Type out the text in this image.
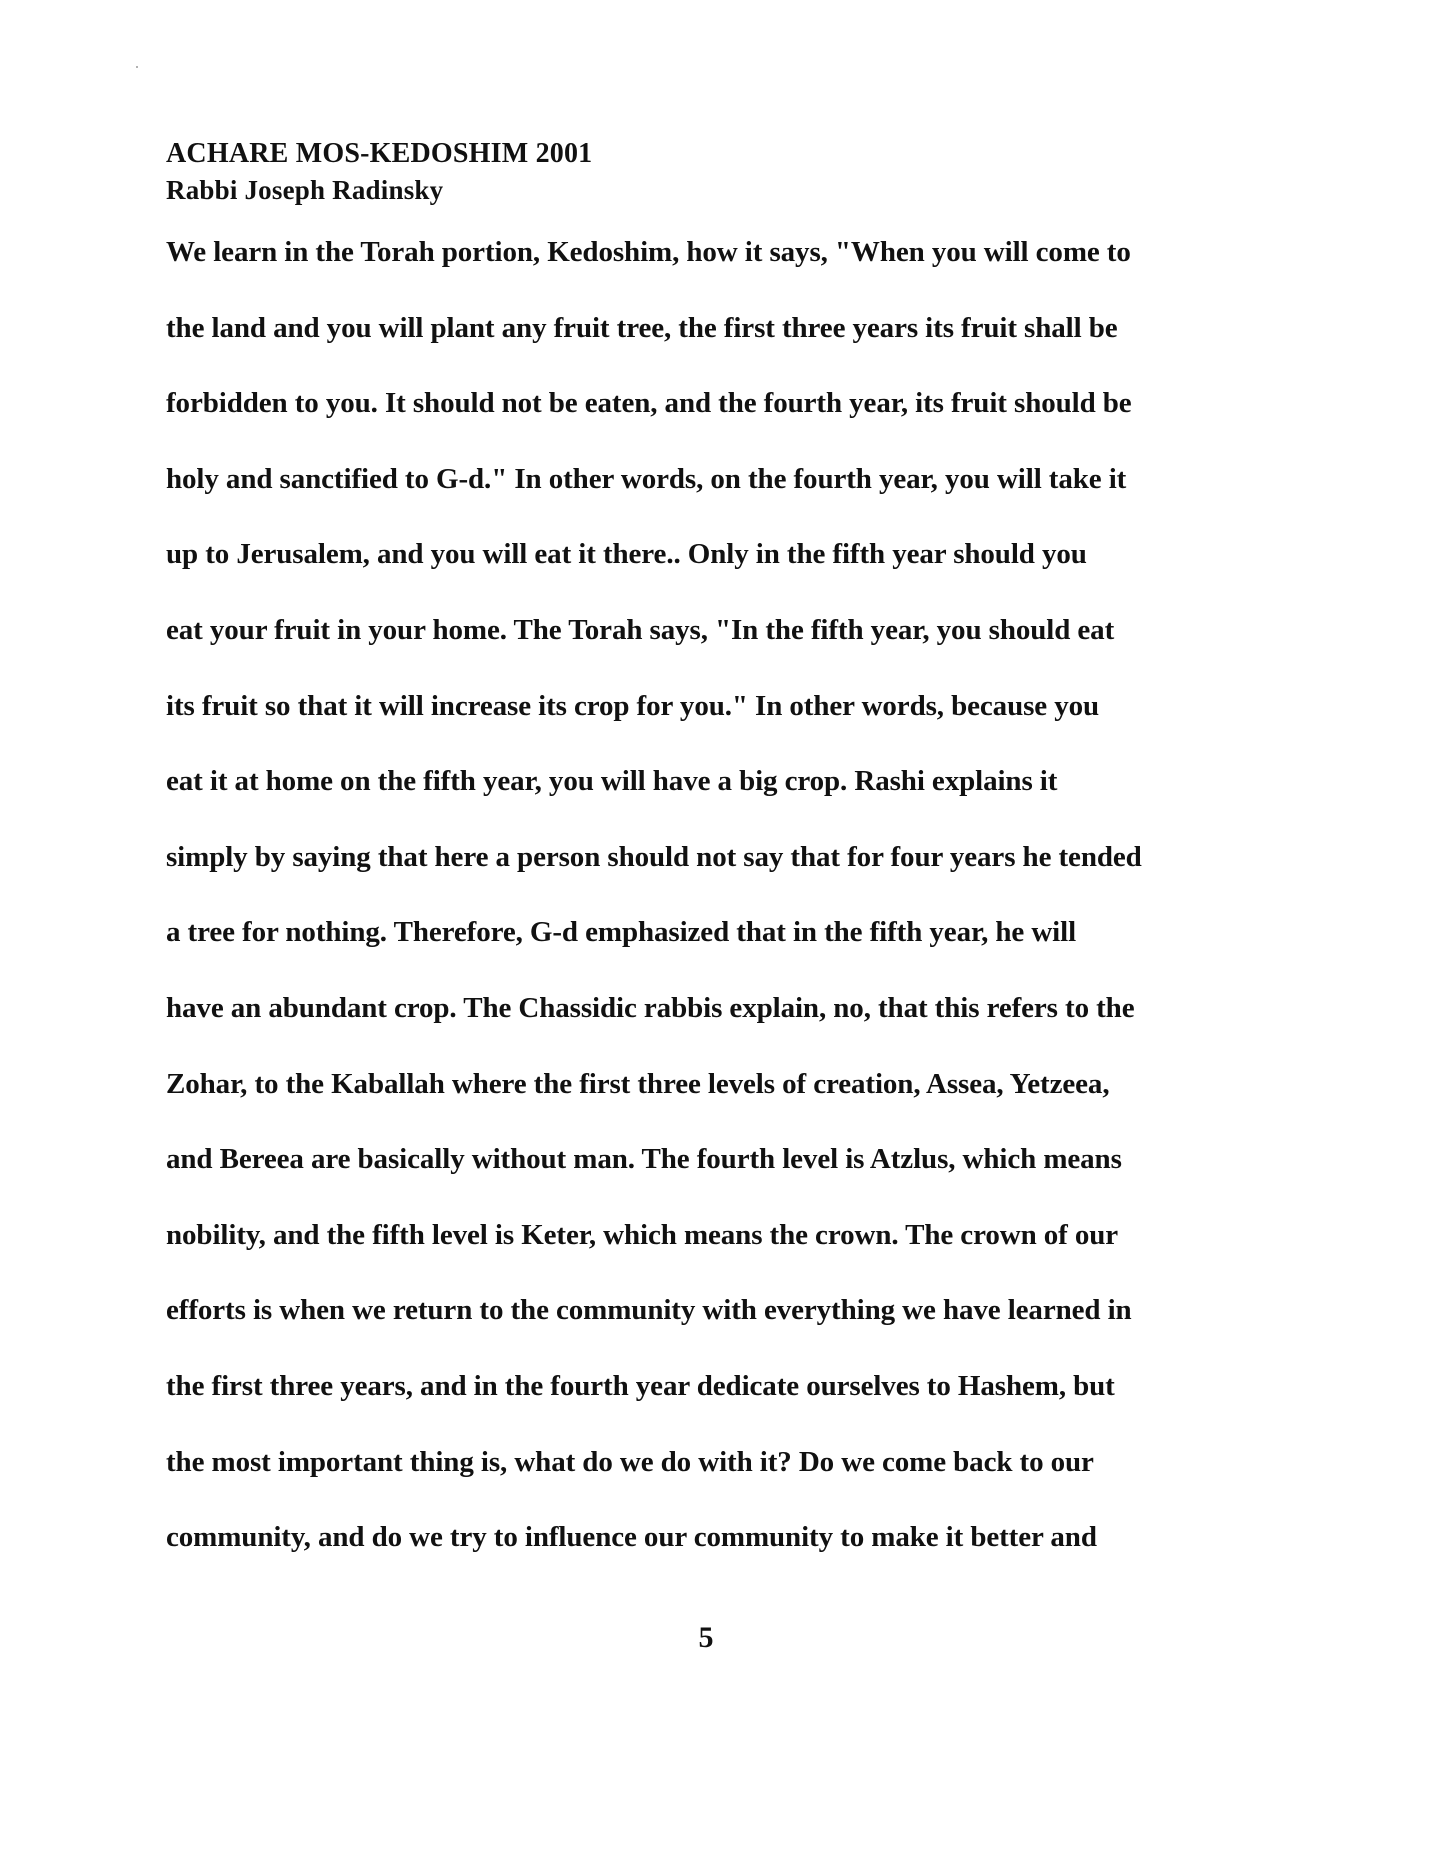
ACHARE MOS-KEDOSHIM 2001
Rabbi Joseph Radinsky
We learn in the Torah portion, Kedoshim, how it says, "When you will come to
the land and you will plant any fruit tree, the first three years its fruit shall be
forbidden to you. It should not be eaten, and the fourth year, its fruit should be
holy and sanctified to G-d." In other words, on the fourth year, you will take it
up to Jerusalem, and you will eat it there.. Only in the fifth year should you
eat your fruit in your home. The Torah says, "In the fifth year, you should eat
its fruit so that it will increase its crop for you." In other words, because you
eat it at home on the fifth year, you will have a big crop. Rashi explains it
simply by saying that here a person should not say that for four years he tended
a tree for nothing. Therefore, G-d emphasized that in the fifth year, he will
have an abundant crop. The Chassidic rabbis explain, no, that this refers to the
Zohar, to the Kaballah where the first three levels of creation, Assea, Yetzeea,
and Bereea are basically without man. The fourth level is Atzlus, which means
nobility, and the fifth level is Keter, which means the crown. The crown of our
efforts is when we return to the community with everything we have learned in
the first three years, and in the fourth year dedicate ourselves to Hashem, but
the most important thing is, what do we do with it? Do we come back to our
community, and do we try to influence our community to make it better and
5
